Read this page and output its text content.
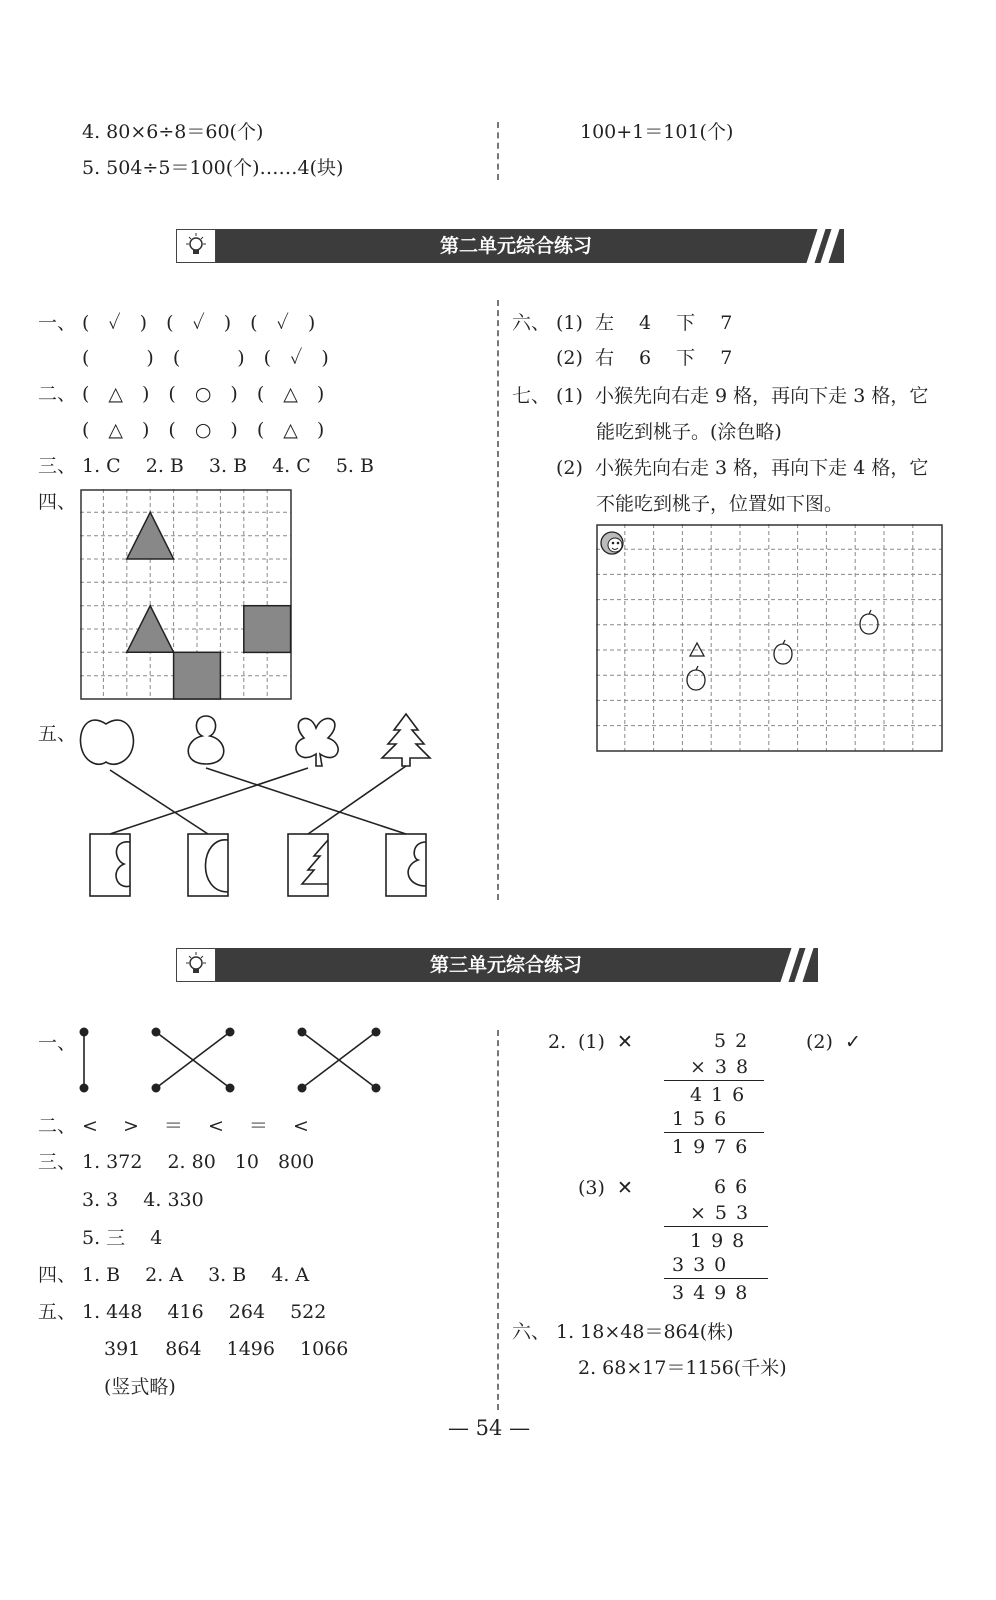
4. 80×6÷8＝60(个)
5. 504÷5＝100(个)……4(块)
100+1＝101(个)
第二单元综合练习
一、 (　✓　)　(　✓　)　(　✓　)
(　　　)　(　　　)　(　✓　)
二、 (　△　)　(　○　)　(　△　)
(　△　)　(　○　)　(　△　)
三、 1. C　 2. B　 3. B　 4. C　 5. B
四、
五、
六、 (1)  左　 4　 下　 7
(2)  右　 6　 下　 7
七、 (1)  小猴先向右走 9 格，再向下走 3 格，它
能吃到桃子。(涂色略)
(2)  小猴先向右走 3 格，再向下走 4 格，它
不能吃到桃子，位置如下图。
第三单元综合练习
一、
二、 <　 >　 ＝　 <　 ＝　 <
三、 1. 372　 2. 80　10　800
3. 3　 4. 330
5. 三　 4
四、 1. B　 2. A　 3. B　 4. A
五、 1. 448　 416　 264　 522
391　 864　 1496　 1066
(竖式略)
2. (1)  ✕	(2)  ✓
52
×38
416
156
1976
(3)  ✕	66
×53
198
330
3498
六、 1. 18×48＝864(株)
2. 68×17＝1156(千米)
— 54 —
